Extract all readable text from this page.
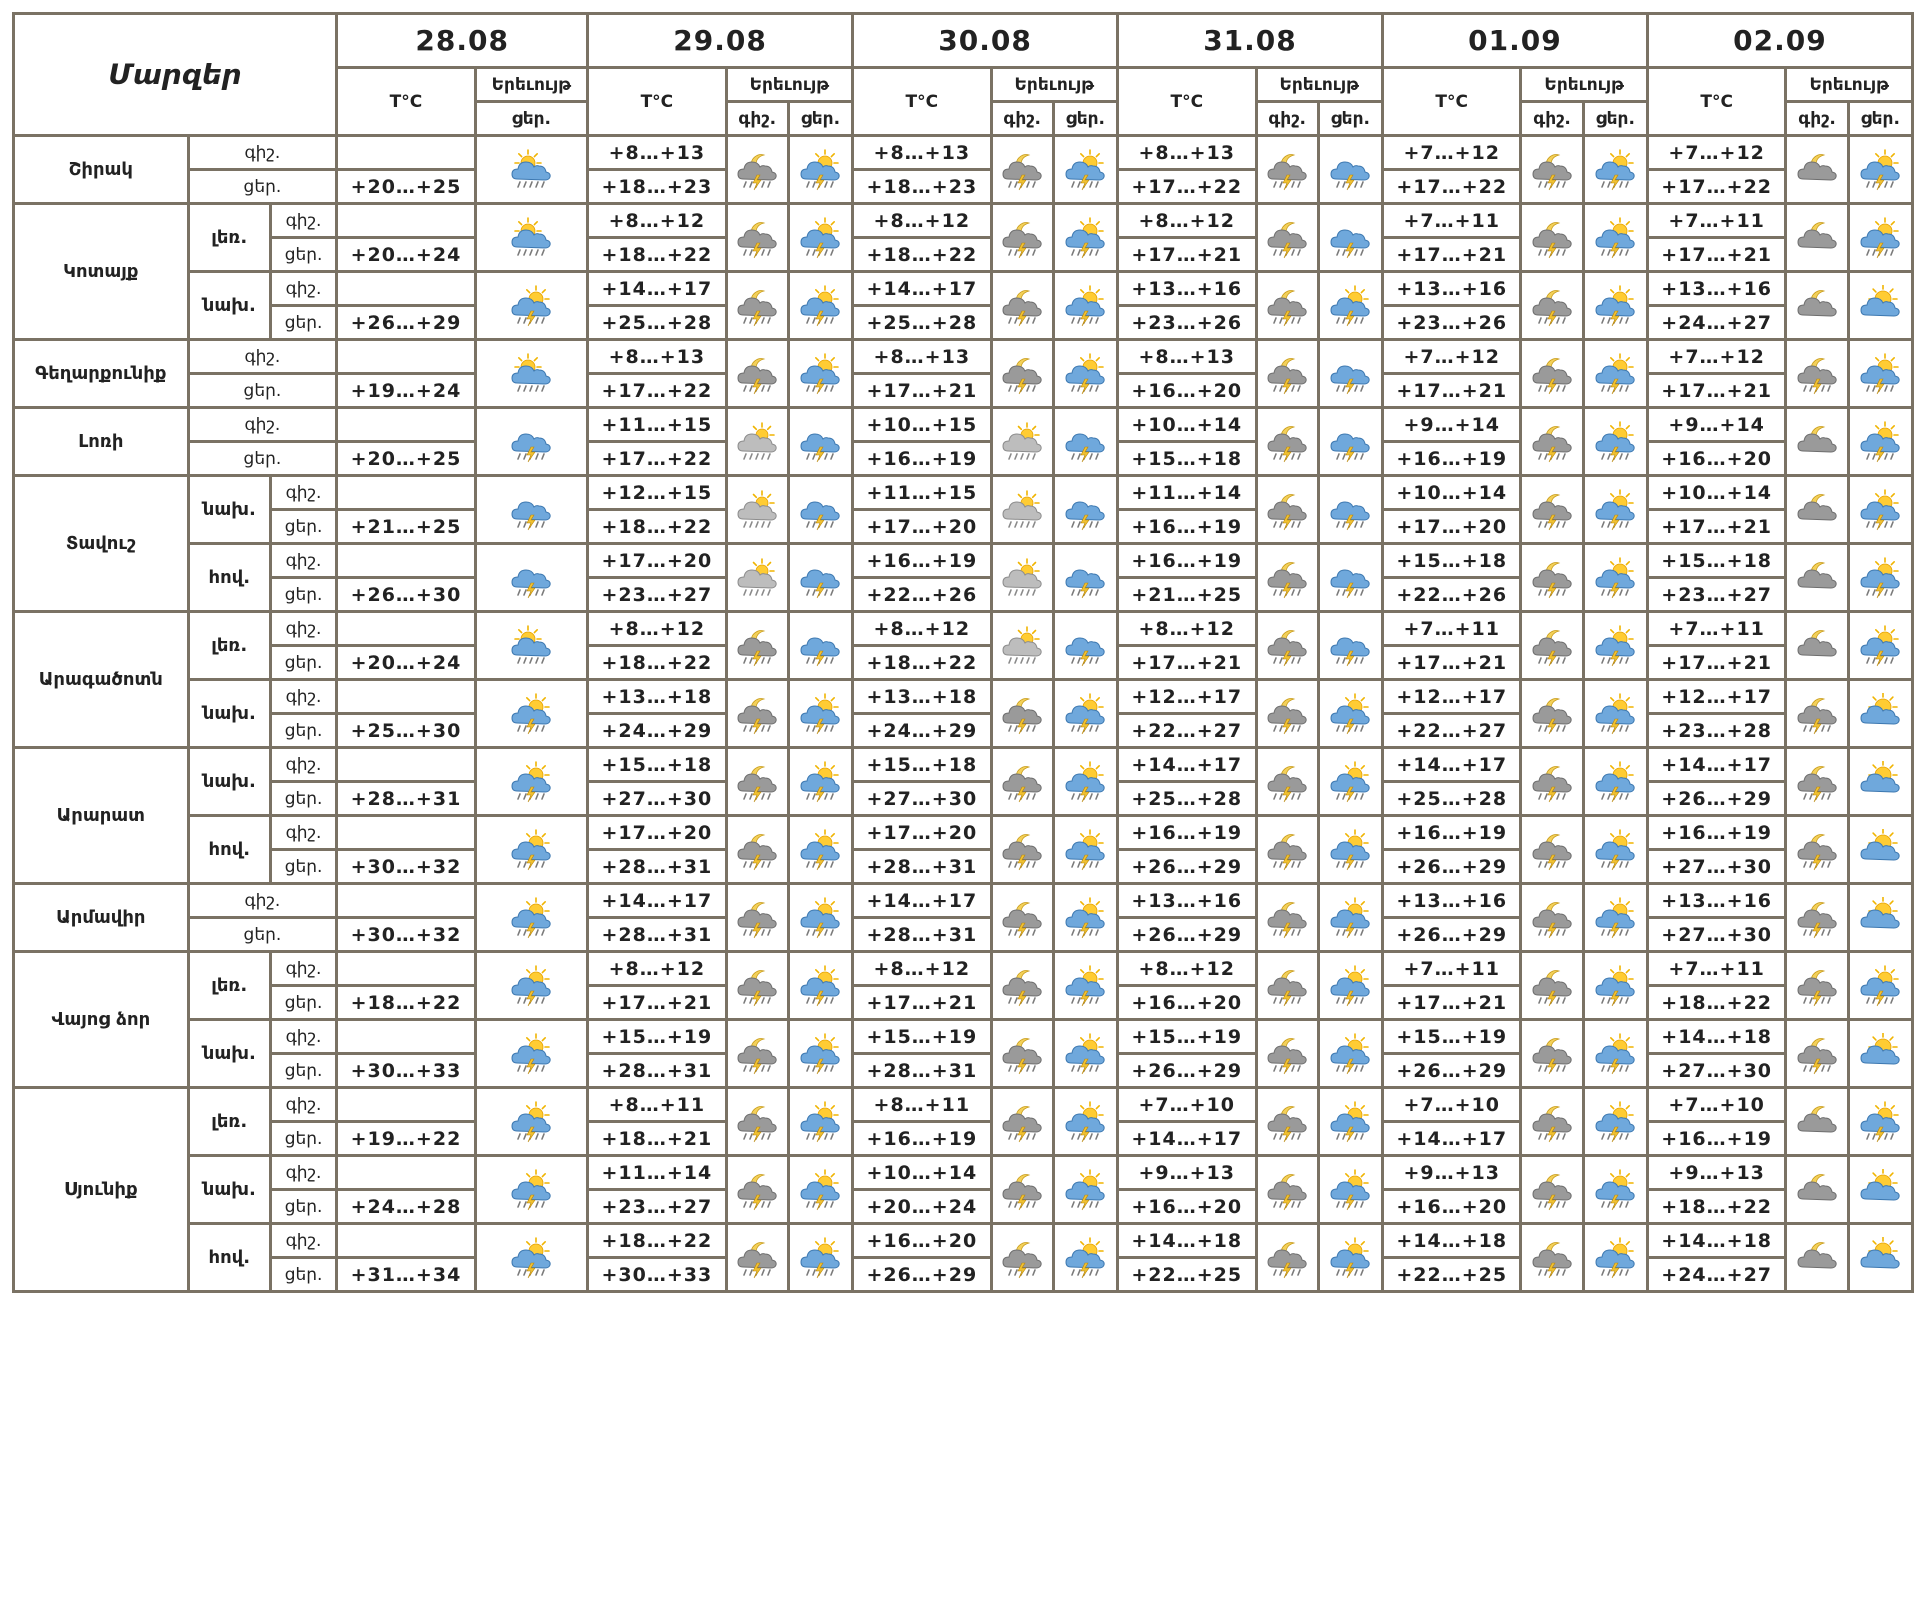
Մարզեր			28.08		29.08			30.08			31.08			01.09			02.09		
			T°C	Երեւույթ	T°C	Երեւույթ		T°C	Երեւույթ		T°C	Երեւույթ		T°C	Երեւույթ		T°C	Երեւույթ	
				ցեր.		գիշ.	ցեր.		գիշ.	ցեր.		գիշ.	ցեր.		գիշ.	ցեր.		գիշ.	ցեր.
Շիրակ	գիշ.				+8…+13			+8…+13			+8…+13			+7…+12			+7…+12	

	ցեր.		+20…+25		+18…+23			+18…+23			+17…+22			+17…+22			+17…+22		
Կոտայք	լեռ.	գիշ.			+8…+12			+8…+12			+8…+12			+7…+11			+7…+11	

		ցեր.	+20…+24		+18…+22			+18…+22			+17…+21			+17…+21			+17…+21		
	նախ.	գիշ.			+14…+17			+14…+17			+13…+16			+13…+16			+13…+16	

		ցեր.	+26…+29		+25…+28			+25…+28			+23…+26			+23…+26			+24…+27		
Գեղարքունիք	գիշ.				+8…+13			+8…+13			+8…+13			+7…+12			+7…+12	

	ցեր.		+19…+24		+17…+22			+17…+21			+16…+20			+17…+21			+17…+21		
Լոռի	գիշ.				+11…+15			+10…+15			+10…+14			+9…+14			+9…+14	

	ցեր.		+20…+25		+17…+22			+16…+19			+15…+18			+16…+19			+16…+20		
Տավուշ	նախ.	գիշ.			+12…+15			+11…+15			+11…+14			+10…+14			+10…+14	

		ցեր.	+21…+25		+18…+22			+17…+20			+16…+19			+17…+20			+17…+21		
	հով.	գիշ.			+17…+20			+16…+19			+16…+19			+15…+18			+15…+18	

		ցեր.	+26…+30		+23…+27			+22…+26			+21…+25			+22…+26			+23…+27		
Արագածոտն	լեռ.	գիշ.			+8…+12			+8…+12			+8…+12			+7…+11			+7…+11	

		ցեր.	+20…+24		+18…+22			+18…+22			+17…+21			+17…+21			+17…+21		
	նախ.	գիշ.			+13…+18			+13…+18			+12…+17			+12…+17			+12…+17	

		ցեր.	+25…+30		+24…+29			+24…+29			+22…+27			+22…+27			+23…+28		
Արարատ	նախ.	գիշ.			+15…+18			+15…+18			+14…+17			+14…+17			+14…+17	

		ցեր.	+28…+31		+27…+30			+27…+30			+25…+28			+25…+28			+26…+29		
	հով.	գիշ.			+17…+20			+17…+20			+16…+19			+16…+19			+16…+19	

		ցեր.	+30…+32		+28…+31			+28…+31			+26…+29			+26…+29			+27…+30		
Արմավիր	գիշ.				+14…+17			+14…+17			+13…+16			+13…+16			+13…+16	

	ցեր.		+30…+32		+28…+31			+28…+31			+26…+29			+26…+29			+27…+30		
Վայոց ձոր	լեռ.	գիշ.			+8…+12			+8…+12			+8…+12			+7…+11			+7…+11	

		ցեր.	+18…+22		+17…+21			+17…+21			+16…+20			+17…+21			+18…+22		
	նախ.	գիշ.			+15…+19			+15…+19			+15…+19			+15…+19			+14…+18	

		ցեր.	+30…+33		+28…+31			+28…+31			+26…+29			+26…+29			+27…+30		
Սյունիք	լեռ.	գիշ.			+8…+11			+8…+11			+7…+10			+7…+10			+7…+10	

		ցեր.	+19…+22		+18…+21			+16…+19			+14…+17			+14…+17			+16…+19		
	նախ.	գիշ.			+11…+14			+10…+14			+9…+13			+9…+13			+9…+13	

		ցեր.	+24…+28		+23…+27			+20…+24			+16…+20			+16…+20			+18…+22		
	հով.	գիշ.			+18…+22			+16…+20			+14…+18			+14…+18			+14…+18	

		ցեր.	+31…+34		+30…+33			+26…+29			+22…+25			+22…+25			+24…+27		
